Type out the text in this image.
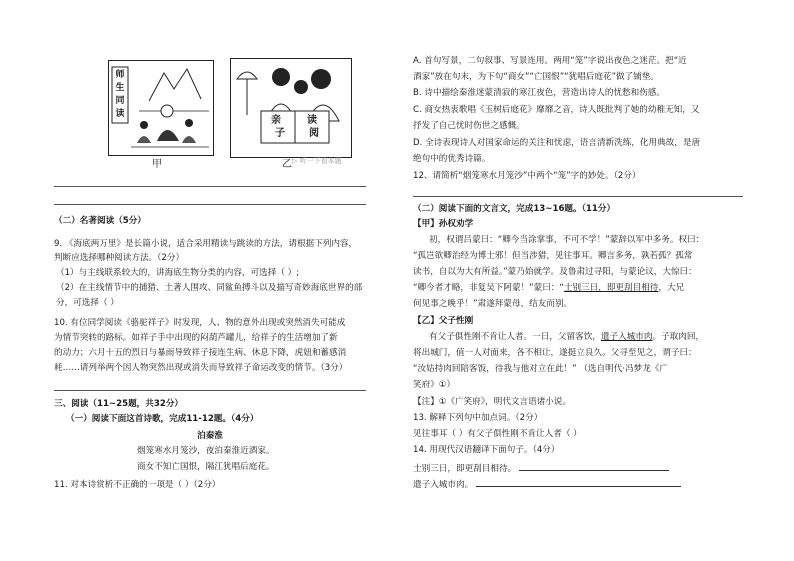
师 生 同 读
甲
亲	读
子 阅
乙 ▷ 听一下看本题
（二）名著阅读（5分）
9. 《海底两万里》是长篇小说，适合采用精读与跳读的方法，请根据下列内容，
判断应选择哪种阅读方法。（2分）
（1）与主线联系较大的，讲海底生物分类的内容，可选择（ ）;
（2）在主线情节中的捕猎、土著人围攻、同鲨鱼搏斗以及描写奇妙海底世界的部
分，可选择（ ）
10. 有位同学阅读《骆驼祥子》时发现，人、物的意外出现或突然消失可能成
为情节突转的路标。如祥子手中出现的闷葫芦罐儿，给祥子的生活增加了新
的动力；六月十五的烈日与暴雨导致祥子接连生病、休息下降，虎妞和蓄感消
耗……请列举两个因人物突然出现或消失而导致祥子命运改变的情节。（3分）
三、阅读（11~25题，共32分）
（一）阅读下面这首诗歌，完成11-12题。（4分）
泊秦淮
烟笼寒水月笼沙，夜泊秦淮近酒家。
商女不知亡国恨，隔江犹唱后庭花。
11. 对本诗赏析不正确的一项是（ ）（2分）
A. 首句写景，二句叙事、写景连用。两用“笼”字说出夜色之迷茫。把“近
酒家”放在句末，为下句“商女”“亡国恨”“犹唱后庭花”做了铺垫。
B. 诗中描绘秦淮迷蒙清寂的寒江夜色，营造出诗人的忧愁和伤感。
C. 商女热衷歌唱《玉树后庭花》靡靡之音，诗人既批判了她的幼稚无知，又
抒发了自己忧时伤世之感慨。
D. 全诗表现诗人对国家命运的关注和忧虑，语言清新洗练，化用典故，是唐
绝句中的优秀诗篇。
12、请简析“烟笼寒水月笼沙”中两个“笼”字的妙处。（2分）
（二）阅读下面的文言文，完成13~16题。（11分）
【甲】孙权劝学
初，权谓吕蒙曰：“卿今当涂掌事，不可不学！”蒙辞以军中多务。权曰：
“孤岂欲卿治经为博士邪！但当涉猎，见往事耳。卿言多务，孰若孤？孤常
读书，自以为大有所益。”蒙乃始就学。及鲁肃过寻阳，与蒙论议，大惊曰：
“卿今者才略，非复吴下阿蒙！”蒙曰：“士别三日，即更刮目相待，大兄
何见事之晚乎！”肃遂拜蒙母，结友而别。
【乙】父子性刚
有父子俱性刚不肯让人者。一日，父留客饮，遣子入城市肉。子取肉回，
将出城门，值一人对面来，各不相让，遂挺立良久。父寻至见之，谓子曰：
“汝姑持肉回陪客饭，待我与他对立在此！” （选自明代·冯梦龙《广
笑府》①）
【注】①《广笑府》，明代文言语诸小说。
13. 解释下列句中加点词。（2分）
见往事耳（ ）有父子俱性刚不肯让人者（ ）
14. 用现代汉语翻译下面句子。（4分）
士别三日，即更刮目相待。
遣子入城市肉。
